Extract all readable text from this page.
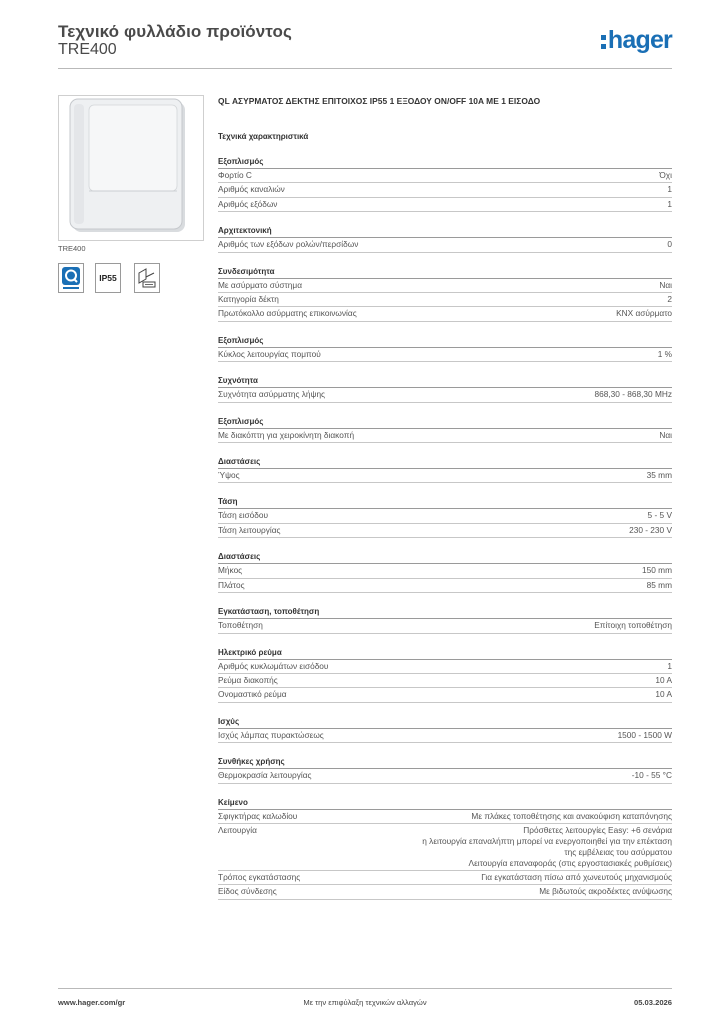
Τεχνικό φυλλάδιο προϊόντος
TRE400	hager
TRE400
IP55
QL ΑΣΥΡΜΑΤΟΣ ΔΕΚΤΗΣ ΕΠΙΤΟΙΧΟΣ IP55 1 ΕΞΟΔΟΥ ON/OFF 10A ΜΕ 1 ΕΙΣΟΔΟ
Τεχνικά χαρακτηριστικά
Εξοπλισμός
Φορτίο C	Όχι
Αριθμός καναλιών	1
Αριθμός εξόδων	1
Αρχιτεκτονική
Αριθμός των εξόδων ρολών/περσίδων	0
Συνδεσιμότητα
Με ασύρματο σύστημα	Ναι
Κατηγορία δέκτη	2
Πρωτόκολλο ασύρματης επικοινωνίας	KNX ασύρματο
Εξοπλισμός
Κύκλος λειτουργίας πομπού	1 %
Συχνότητα
Συχνότητα ασύρματης λήψης	868,30 - 868,30 MHz
Εξοπλισμός
Με διακόπτη για χειροκίνητη διακοπή	Ναι
Διαστάσεις
Ύψος	35 mm
Τάση
Τάση εισόδου	5 - 5 V
Τάση λειτουργίας	230 - 230 V
Διαστάσεις
Μήκος	150 mm
Πλάτος	85 mm
Εγκατάσταση, τοποθέτηση
Τοποθέτηση	Επίτοιχη τοποθέτηση
Ηλεκτρικό ρεύμα
Αριθμός κυκλωμάτων εισόδου	1
Ρεύμα διακοπής	10 A
Ονομαστικό ρεύμα	10 A
Ισχύς
Ισχύς λάμπας πυρακτώσεως	1500 - 1500 W
Συνθήκες χρήσης
Θερμοκρασία λειτουργίας	-10 - 55 °C
Κείμενο
Σφιγκτήρας καλωδίου	Με πλάκες τοποθέτησης και ανακούφιση καταπόνησης
Λειτουργία	Πρόσθετες λειτουργίες Easy: +6 σενάρια
η λειτουργία επαναλήπτη μπορεί να ενεργοποιηθεί για την επέκταση
της εμβέλειας του ασύρματου
Λειτουργία επαναφοράς (στις εργοστασιακές ρυθμίσεις)
Τρόπος εγκατάστασης	Για εγκατάσταση πίσω από χωνευτούς μηχανισμούς
Είδος σύνδεσης	Με βιδωτούς ακροδέκτες ανύψωσης
www.hager.com/gr	Με την επιφύλαξη τεχνικών αλλαγών	05.03.2026
